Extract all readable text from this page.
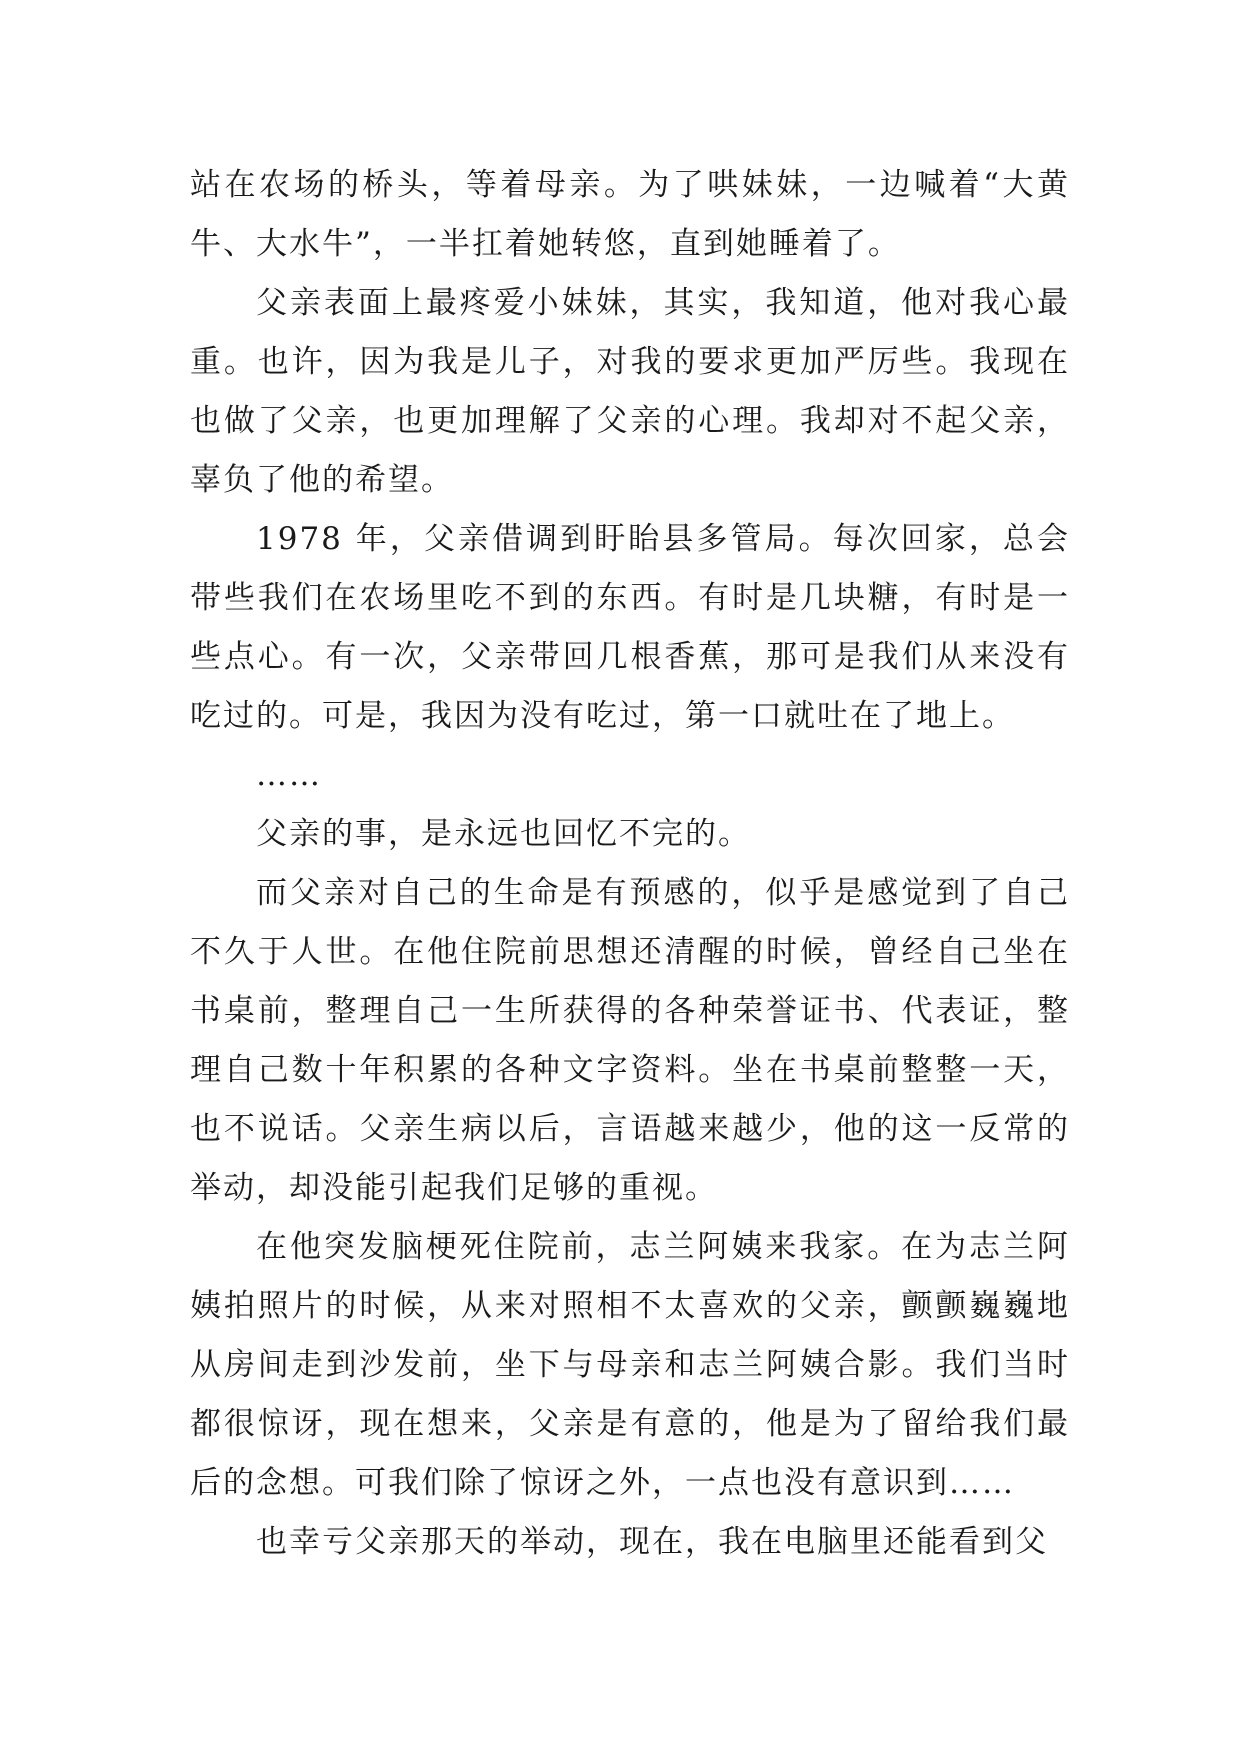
站在农场的桥头，等着母亲。为了哄妹妹，一边喊着“大黄牛、大水牛”，一半扛着她转悠，直到她睡着了。

父亲表面上最疼爱小妹妹，其实，我知道，他对我心最重。也许，因为我是儿子，对我的要求更加严厉些。我现在也做了父亲，也更加理解了父亲的心理。我却对不起父亲，辜负了他的希望。

1978 年，父亲借调到盱眙县多管局。每次回家，总会带些我们在农场里吃不到的东西。有时是几块糖，有时是一些点心。有一次，父亲带回几根香蕉，那可是我们从来没有吃过的。可是，我因为没有吃过，第一口就吐在了地上。

……

父亲的事，是永远也回忆不完的。

而父亲对自己的生命是有预感的，似乎是感觉到了自己不久于人世。在他住院前思想还清醒的时候，曾经自己坐在书桌前，整理自己一生所获得的各种荣誉证书、代表证，整理自己数十年积累的各种文字资料。坐在书桌前整整一天，也不说话。父亲生病以后，言语越来越少，他的这一反常的举动，却没能引起我们足够的重视。

在他突发脑梗死住院前，志兰阿姨来我家。在为志兰阿姨拍照片的时候，从来对照相不太喜欢的父亲，颤颤巍巍地从房间走到沙发前，坐下与母亲和志兰阿姨合影。我们当时都很惊讶，现在想来，父亲是有意的，他是为了留给我们最后的念想。可我们除了惊讶之外，一点也没有意识到……

也幸亏父亲那天的举动，现在，我在电脑里还能看到父
